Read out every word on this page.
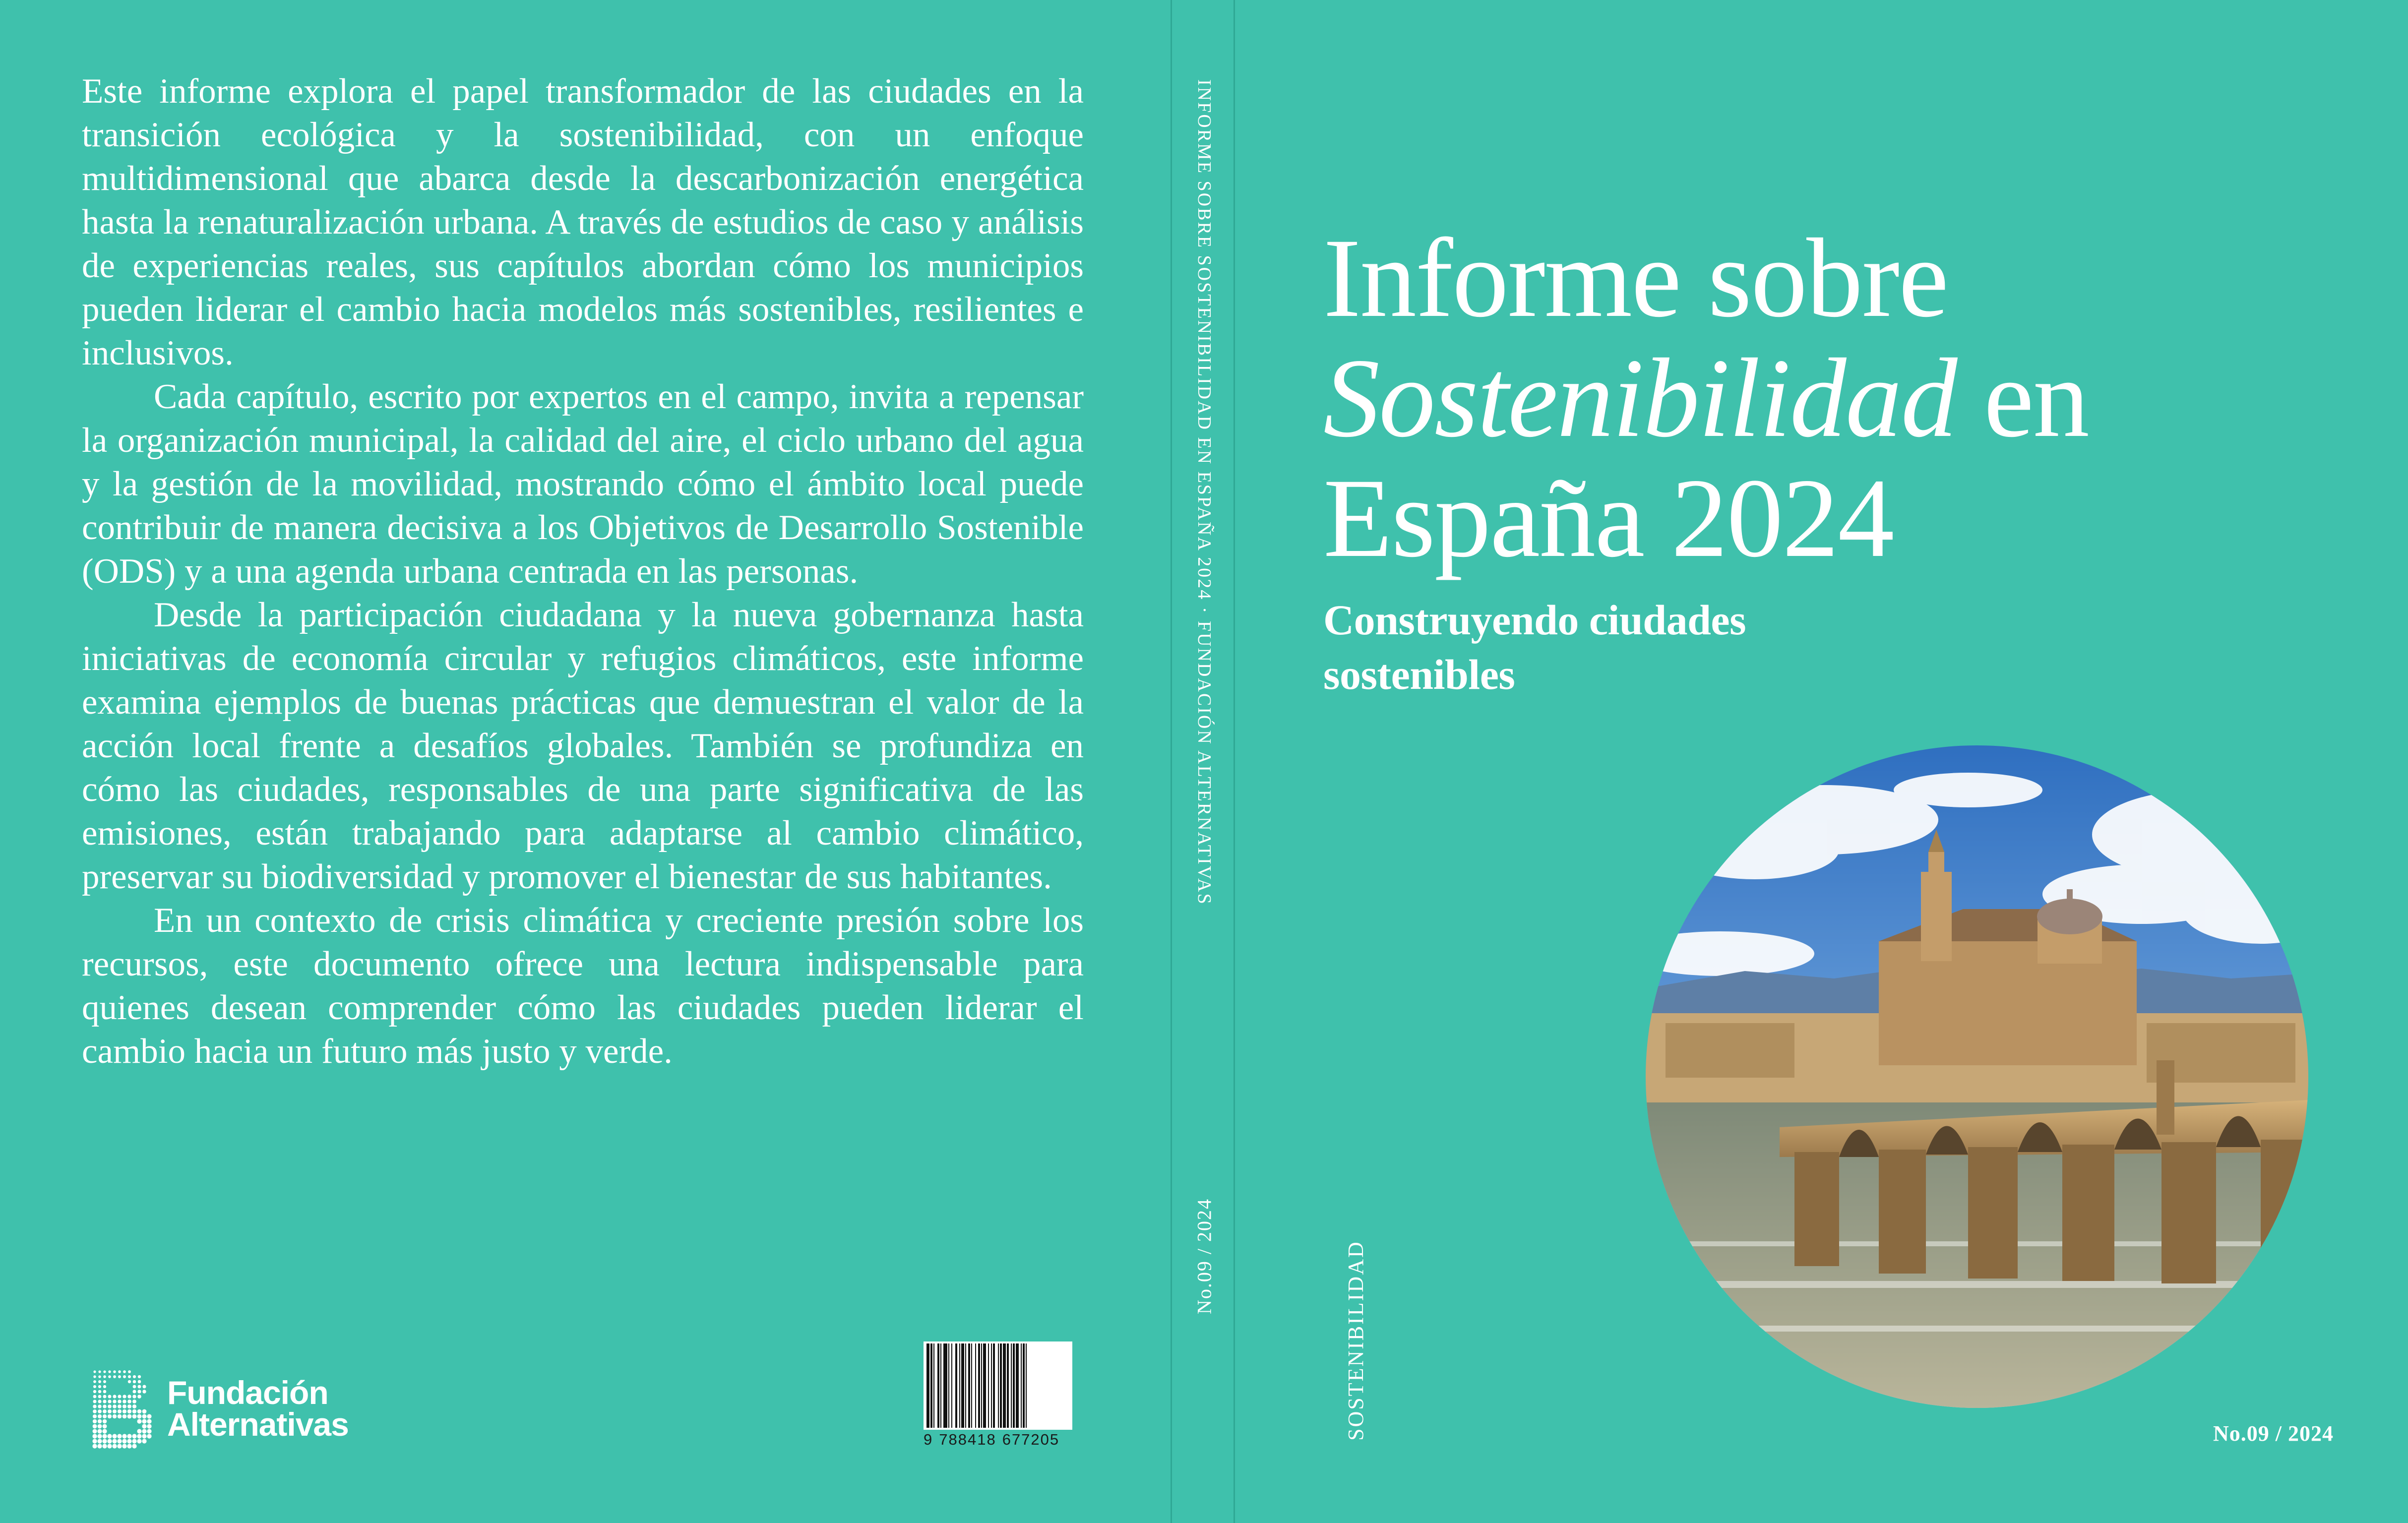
Este informe explora el papel transformador de las ciudades en la transición ecológica y la sostenibilidad, con un enfoque multidimensional que abarca desde la descarbonización energética hasta la renaturalización urbana. A través de estudios de caso y análisis de experiencias reales, sus capítulos abordan cómo los municipios pueden liderar el cambio hacia modelos más sostenibles, resilientes e inclusivos.

Cada capítulo, escrito por expertos en el campo, invita a repensar la organización municipal, la calidad del aire, el ciclo urbano del agua y la gestión de la movilidad, mostrando cómo el ámbito local puede contribuir de manera decisiva a los Objetivos de Desarrollo Sostenible (ODS) y a una agenda urbana centrada en las personas.

Desde la participación ciudadana y la nueva gobernanza hasta iniciativas de economía circular y refugios climáticos, este informe examina ejemplos de buenas prácticas que demuestran el valor de la acción local frente a desafíos globales. También se profundiza en cómo las ciudades, responsables de una parte significativa de las emisiones, están trabajando para adaptarse al cambio climático, preservar su biodiversidad y promover el bienestar de sus habitantes.

En un contexto de crisis climática y creciente presión sobre los recursos, este documento ofrece una lectura indispensable para quienes desean comprender cómo las ciudades pueden liderar el cambio hacia un futuro más justo y verde.

Fundación
Alternativas	9 788418 677205
INFORME SOBRE SOSTENIBILIDAD EN ESPAÑA 2024 · FUNDACIÓN ALTERNATIVAS
No.09 / 2024
Informe sobre
Sostenibilidad en
España 2024
Construyendo ciudades
sostenibles
SOSTENIBILIDAD	No.09 / 2024
